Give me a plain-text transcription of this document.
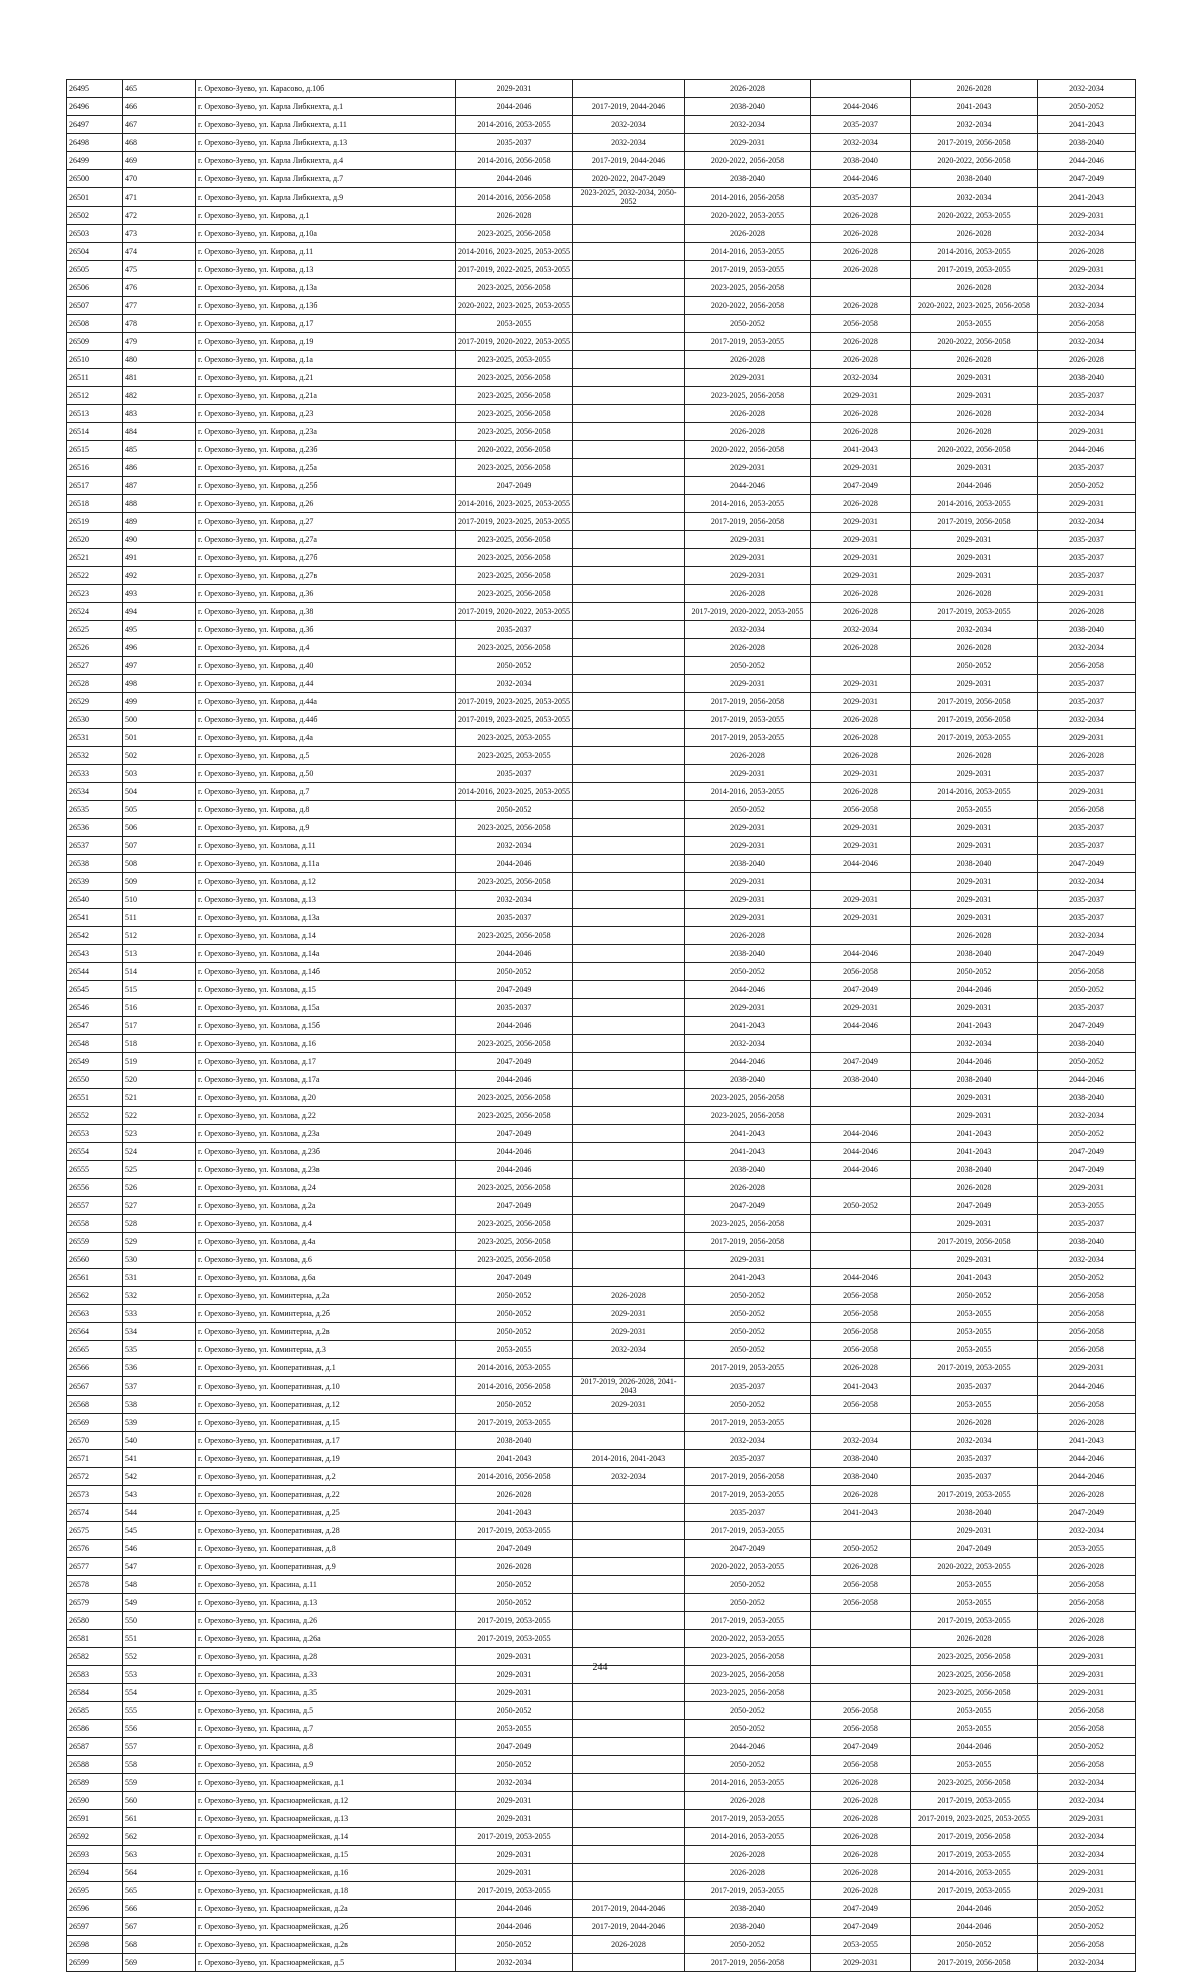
26495	465	г. Орехово-Зуево, ул. Карасово, д.10б	2029-2031		2026-2028		2026-2028	2032-2034
26496	466	г. Орехово-Зуево, ул. Карла Либкнехта, д.1	2044-2046	2017-2019, 2044-2046	2038-2040	2044-2046	2041-2043	2050-2052
26497	467	г. Орехово-Зуево, ул. Карла Либкнехта, д.11	2014-2016, 2053-2055	2032-2034	2032-2034	2035-2037	2032-2034	2041-2043
26498	468	г. Орехово-Зуево, ул. Карла Либкнехта, д.13	2035-2037	2032-2034	2029-2031	2032-2034	2017-2019, 2056-2058	2038-2040
26499	469	г. Орехово-Зуево, ул. Карла Либкнехта, д.4	2014-2016, 2056-2058	2017-2019, 2044-2046	2020-2022, 2056-2058	2038-2040	2020-2022, 2056-2058	2044-2046
26500	470	г. Орехово-Зуево, ул. Карла Либкнехта, д.7	2044-2046	2020-2022, 2047-2049	2038-2040	2044-2046	2038-2040	2047-2049
26501	471	г. Орехово-Зуево, ул. Карла Либкнехта, д.9	2014-2016, 2056-2058	2023-2025, 2032-2034, 2050-2052	2014-2016, 2056-2058	2035-2037	2032-2034	2041-2043
26502	472	г. Орехово-Зуево, ул. Кирова, д.1	2026-2028		2020-2022, 2053-2055	2026-2028	2020-2022, 2053-2055	2029-2031
26503	473	г. Орехово-Зуево, ул. Кирова, д.10а	2023-2025, 2056-2058		2026-2028	2026-2028	2026-2028	2032-2034
26504	474	г. Орехово-Зуево, ул. Кирова, д.11	2014-2016, 2023-2025, 2053-2055		2014-2016, 2053-2055	2026-2028	2014-2016, 2053-2055	2026-2028
26505	475	г. Орехово-Зуево, ул. Кирова, д.13	2017-2019, 2022-2025, 2053-2055		2017-2019, 2053-2055	2026-2028	2017-2019, 2053-2055	2029-2031
26506	476	г. Орехово-Зуево, ул. Кирова, д.13а	2023-2025, 2056-2058		2023-2025, 2056-2058		2026-2028	2032-2034
26507	477	г. Орехово-Зуево, ул. Кирова, д.13б	2020-2022, 2023-2025, 2053-2055		2020-2022, 2056-2058	2026-2028	2020-2022, 2023-2025, 2056-2058	2032-2034
26508	478	г. Орехово-Зуево, ул. Кирова, д.17	2053-2055		2050-2052	2056-2058	2053-2055	2056-2058
26509	479	г. Орехово-Зуево, ул. Кирова, д.19	2017-2019, 2020-2022, 2053-2055		2017-2019, 2053-2055	2026-2028	2020-2022, 2056-2058	2032-2034
26510	480	г. Орехово-Зуево, ул. Кирова, д.1а	2023-2025, 2053-2055		2026-2028	2026-2028	2026-2028	2026-2028
26511	481	г. Орехово-Зуево, ул. Кирова, д.21	2023-2025, 2056-2058		2029-2031	2032-2034	2029-2031	2038-2040
26512	482	г. Орехово-Зуево, ул. Кирова, д.21а	2023-2025, 2056-2058		2023-2025, 2056-2058	2029-2031	2029-2031	2035-2037
26513	483	г. Орехово-Зуево, ул. Кирова, д.23	2023-2025, 2056-2058		2026-2028	2026-2028	2026-2028	2032-2034
26514	484	г. Орехово-Зуево, ул. Кирова, д.23а	2023-2025, 2056-2058		2026-2028	2026-2028	2026-2028	2029-2031
26515	485	г. Орехово-Зуево, ул. Кирова, д.23б	2020-2022, 2056-2058		2020-2022, 2056-2058	2041-2043	2020-2022, 2056-2058	2044-2046
26516	486	г. Орехово-Зуево, ул. Кирова, д.25а	2023-2025, 2056-2058		2029-2031	2029-2031	2029-2031	2035-2037
26517	487	г. Орехово-Зуево, ул. Кирова, д.25б	2047-2049		2044-2046	2047-2049	2044-2046	2050-2052
26518	488	г. Орехово-Зуево, ул. Кирова, д.26	2014-2016, 2023-2025, 2053-2055		2014-2016, 2053-2055	2026-2028	2014-2016, 2053-2055	2029-2031
26519	489	г. Орехово-Зуево, ул. Кирова, д.27	2017-2019, 2023-2025, 2053-2055		2017-2019, 2056-2058	2029-2031	2017-2019, 2056-2058	2032-2034
26520	490	г. Орехово-Зуево, ул. Кирова, д.27а	2023-2025, 2056-2058		2029-2031	2029-2031	2029-2031	2035-2037
26521	491	г. Орехово-Зуево, ул. Кирова, д.27б	2023-2025, 2056-2058		2029-2031	2029-2031	2029-2031	2035-2037
26522	492	г. Орехово-Зуево, ул. Кирова, д.27в	2023-2025, 2056-2058		2029-2031	2029-2031	2029-2031	2035-2037
26523	493	г. Орехово-Зуево, ул. Кирова, д.36	2023-2025, 2056-2058		2026-2028	2026-2028	2026-2028	2029-2031
26524	494	г. Орехово-Зуево, ул. Кирова, д.38	2017-2019, 2020-2022, 2053-2055		2017-2019, 2020-2022, 2053-2055	2026-2028	2017-2019, 2053-2055	2026-2028
26525	495	г. Орехово-Зуево, ул. Кирова, д.3б	2035-2037		2032-2034	2032-2034	2032-2034	2038-2040
26526	496	г. Орехово-Зуево, ул. Кирова, д.4	2023-2025, 2056-2058		2026-2028	2026-2028	2026-2028	2032-2034
26527	497	г. Орехово-Зуево, ул. Кирова, д.40	2050-2052		2050-2052		2050-2052	2056-2058
26528	498	г. Орехово-Зуево, ул. Кирова, д.44	2032-2034		2029-2031	2029-2031	2029-2031	2035-2037
26529	499	г. Орехово-Зуево, ул. Кирова, д.44а	2017-2019, 2023-2025, 2053-2055		2017-2019, 2056-2058	2029-2031	2017-2019, 2056-2058	2035-2037
26530	500	г. Орехово-Зуево, ул. Кирова, д.44б	2017-2019, 2023-2025, 2053-2055		2017-2019, 2053-2055	2026-2028	2017-2019, 2056-2058	2032-2034
26531	501	г. Орехово-Зуево, ул. Кирова, д.4а	2023-2025, 2053-2055		2017-2019, 2053-2055	2026-2028	2017-2019, 2053-2055	2029-2031
26532	502	г. Орехово-Зуево, ул. Кирова, д.5	2023-2025, 2053-2055		2026-2028	2026-2028	2026-2028	2026-2028
26533	503	г. Орехово-Зуево, ул. Кирова, д.50	2035-2037		2029-2031	2029-2031	2029-2031	2035-2037
26534	504	г. Орехово-Зуево, ул. Кирова, д.7	2014-2016, 2023-2025, 2053-2055		2014-2016, 2053-2055	2026-2028	2014-2016, 2053-2055	2029-2031
26535	505	г. Орехово-Зуево, ул. Кирова, д.8	2050-2052		2050-2052	2056-2058	2053-2055	2056-2058
26536	506	г. Орехово-Зуево, ул. Кирова, д.9	2023-2025, 2056-2058		2029-2031	2029-2031	2029-2031	2035-2037
26537	507	г. Орехово-Зуево, ул. Козлова, д.11	2032-2034		2029-2031	2029-2031	2029-2031	2035-2037
26538	508	г. Орехово-Зуево, ул. Козлова, д.11а	2044-2046		2038-2040	2044-2046	2038-2040	2047-2049
26539	509	г. Орехово-Зуево, ул. Козлова, д.12	2023-2025, 2056-2058		2029-2031		2029-2031	2032-2034
26540	510	г. Орехово-Зуево, ул. Козлова, д.13	2032-2034		2029-2031	2029-2031	2029-2031	2035-2037
26541	511	г. Орехово-Зуево, ул. Козлова, д.13а	2035-2037		2029-2031	2029-2031	2029-2031	2035-2037
26542	512	г. Орехово-Зуево, ул. Козлова, д.14	2023-2025, 2056-2058		2026-2028		2026-2028	2032-2034
26543	513	г. Орехово-Зуево, ул. Козлова, д.14а	2044-2046		2038-2040	2044-2046	2038-2040	2047-2049
26544	514	г. Орехово-Зуево, ул. Козлова, д.14б	2050-2052		2050-2052	2056-2058	2050-2052	2056-2058
26545	515	г. Орехово-Зуево, ул. Козлова, д.15	2047-2049		2044-2046	2047-2049	2044-2046	2050-2052
26546	516	г. Орехово-Зуево, ул. Козлова, д.15а	2035-2037		2029-2031	2029-2031	2029-2031	2035-2037
26547	517	г. Орехово-Зуево, ул. Козлова, д.15б	2044-2046		2041-2043	2044-2046	2041-2043	2047-2049
26548	518	г. Орехово-Зуево, ул. Козлова, д.16	2023-2025, 2056-2058		2032-2034		2032-2034	2038-2040
26549	519	г. Орехово-Зуево, ул. Козлова, д.17	2047-2049		2044-2046	2047-2049	2044-2046	2050-2052
26550	520	г. Орехово-Зуево, ул. Козлова, д.17а	2044-2046		2038-2040	2038-2040	2038-2040	2044-2046
26551	521	г. Орехово-Зуево, ул. Козлова, д.20	2023-2025, 2056-2058		2023-2025, 2056-2058		2029-2031	2038-2040
26552	522	г. Орехово-Зуево, ул. Козлова, д.22	2023-2025, 2056-2058		2023-2025, 2056-2058		2029-2031	2032-2034
26553	523	г. Орехово-Зуево, ул. Козлова, д.23а	2047-2049		2041-2043	2044-2046	2041-2043	2050-2052
26554	524	г. Орехово-Зуево, ул. Козлова, д.23б	2044-2046		2041-2043	2044-2046	2041-2043	2047-2049
26555	525	г. Орехово-Зуево, ул. Козлова, д.23в	2044-2046		2038-2040	2044-2046	2038-2040	2047-2049
26556	526	г. Орехово-Зуево, ул. Козлова, д.24	2023-2025, 2056-2058		2026-2028		2026-2028	2029-2031
26557	527	г. Орехово-Зуево, ул. Козлова, д.2а	2047-2049		2047-2049	2050-2052	2047-2049	2053-2055
26558	528	г. Орехово-Зуево, ул. Козлова, д.4	2023-2025, 2056-2058		2023-2025, 2056-2058		2029-2031	2035-2037
26559	529	г. Орехово-Зуево, ул. Козлова, д.4а	2023-2025, 2056-2058		2017-2019, 2056-2058		2017-2019, 2056-2058	2038-2040
26560	530	г. Орехово-Зуево, ул. Козлова, д.6	2023-2025, 2056-2058		2029-2031		2029-2031	2032-2034
26561	531	г. Орехово-Зуево, ул. Козлова, д.6а	2047-2049		2041-2043	2044-2046	2041-2043	2050-2052
26562	532	г. Орехово-Зуево, ул. Коминтерна, д.2а	2050-2052	2026-2028	2050-2052	2056-2058	2050-2052	2056-2058
26563	533	г. Орехово-Зуево, ул. Коминтерна, д.2б	2050-2052	2029-2031	2050-2052	2056-2058	2053-2055	2056-2058
26564	534	г. Орехово-Зуево, ул. Коминтерна, д.2в	2050-2052	2029-2031	2050-2052	2056-2058	2053-2055	2056-2058
26565	535	г. Орехово-Зуево, ул. Коминтерна, д.3	2053-2055	2032-2034	2050-2052	2056-2058	2053-2055	2056-2058
26566	536	г. Орехово-Зуево, ул. Кооперативная, д.1	2014-2016, 2053-2055		2017-2019, 2053-2055	2026-2028	2017-2019, 2053-2055	2029-2031
26567	537	г. Орехово-Зуево, ул. Кооперативная, д.10	2014-2016, 2056-2058	2017-2019, 2026-2028, 2041-2043	2035-2037	2041-2043	2035-2037	2044-2046
26568	538	г. Орехово-Зуево, ул. Кооперативная, д.12	2050-2052	2029-2031	2050-2052	2056-2058	2053-2055	2056-2058
26569	539	г. Орехово-Зуево, ул. Кооперативная, д.15	2017-2019, 2053-2055		2017-2019, 2053-2055		2026-2028	2026-2028
26570	540	г. Орехово-Зуево, ул. Кооперативная, д.17	2038-2040		2032-2034	2032-2034	2032-2034	2041-2043
26571	541	г. Орехово-Зуево, ул. Кооперативная, д.19	2041-2043	2014-2016, 2041-2043	2035-2037	2038-2040	2035-2037	2044-2046
26572	542	г. Орехово-Зуево, ул. Кооперативная, д.2	2014-2016, 2056-2058	2032-2034	2017-2019, 2056-2058	2038-2040	2035-2037	2044-2046
26573	543	г. Орехово-Зуево, ул. Кооперативная, д.22	2026-2028		2017-2019, 2053-2055	2026-2028	2017-2019, 2053-2055	2026-2028
26574	544	г. Орехово-Зуево, ул. Кооперативная, д.25	2041-2043		2035-2037	2041-2043	2038-2040	2047-2049
26575	545	г. Орехово-Зуево, ул. Кооперативная, д.28	2017-2019, 2053-2055		2017-2019, 2053-2055		2029-2031	2032-2034
26576	546	г. Орехово-Зуево, ул. Кооперативная, д.8	2047-2049		2047-2049	2050-2052	2047-2049	2053-2055
26577	547	г. Орехово-Зуево, ул. Кооперативная, д.9	2026-2028		2020-2022, 2053-2055	2026-2028	2020-2022, 2053-2055	2026-2028
26578	548	г. Орехово-Зуево, ул. Красина, д.11	2050-2052		2050-2052	2056-2058	2053-2055	2056-2058
26579	549	г. Орехово-Зуево, ул. Красина, д.13	2050-2052		2050-2052	2056-2058	2053-2055	2056-2058
26580	550	г. Орехово-Зуево, ул. Красина, д.26	2017-2019, 2053-2055		2017-2019, 2053-2055		2017-2019, 2053-2055	2026-2028
26581	551	г. Орехово-Зуево, ул. Красина, д.26а	2017-2019, 2053-2055		2020-2022, 2053-2055		2026-2028	2026-2028
26582	552	г. Орехово-Зуево, ул. Красина, д.28	2029-2031		2023-2025, 2056-2058		2023-2025, 2056-2058	2029-2031
26583	553	г. Орехово-Зуево, ул. Красина, д.33	2029-2031		2023-2025, 2056-2058		2023-2025, 2056-2058	2029-2031
26584	554	г. Орехово-Зуево, ул. Красина, д.35	2029-2031		2023-2025, 2056-2058		2023-2025, 2056-2058	2029-2031
26585	555	г. Орехово-Зуево, ул. Красина, д.5	2050-2052		2050-2052	2056-2058	2053-2055	2056-2058
26586	556	г. Орехово-Зуево, ул. Красина, д.7	2053-2055		2050-2052	2056-2058	2053-2055	2056-2058
26587	557	г. Орехово-Зуево, ул. Красина, д.8	2047-2049		2044-2046	2047-2049	2044-2046	2050-2052
26588	558	г. Орехово-Зуево, ул. Красина, д.9	2050-2052		2050-2052	2056-2058	2053-2055	2056-2058
26589	559	г. Орехово-Зуево, ул. Красноармейская, д.1	2032-2034		2014-2016, 2053-2055	2026-2028	2023-2025, 2056-2058	2032-2034
26590	560	г. Орехово-Зуево, ул. Красноармейская, д.12	2029-2031		2026-2028	2026-2028	2017-2019, 2053-2055	2032-2034
26591	561	г. Орехово-Зуево, ул. Красноармейская, д.13	2029-2031		2017-2019, 2053-2055	2026-2028	2017-2019, 2023-2025, 2053-2055	2029-2031
26592	562	г. Орехово-Зуево, ул. Красноармейская, д.14	2017-2019, 2053-2055		2014-2016, 2053-2055	2026-2028	2017-2019, 2056-2058	2032-2034
26593	563	г. Орехово-Зуево, ул. Красноармейская, д.15	2029-2031		2026-2028	2026-2028	2017-2019, 2053-2055	2032-2034
26594	564	г. Орехово-Зуево, ул. Красноармейская, д.16	2029-2031		2026-2028	2026-2028	2014-2016, 2053-2055	2029-2031
26595	565	г. Орехово-Зуево, ул. Красноармейская, д.18	2017-2019, 2053-2055		2017-2019, 2053-2055	2026-2028	2017-2019, 2053-2055	2029-2031
26596	566	г. Орехово-Зуево, ул. Красноармейская, д.2а	2044-2046	2017-2019, 2044-2046	2038-2040	2047-2049	2044-2046	2050-2052
26597	567	г. Орехово-Зуево, ул. Красноармейская, д.2б	2044-2046	2017-2019, 2044-2046	2038-2040	2047-2049	2044-2046	2050-2052
26598	568	г. Орехово-Зуево, ул. Красноармейская, д.2в	2050-2052	2026-2028	2050-2052	2053-2055	2050-2052	2056-2058
26599	569	г. Орехово-Зуево, ул. Красноармейская, д.5	2032-2034		2017-2019, 2056-2058	2029-2031	2017-2019, 2056-2058	2032-2034
244
